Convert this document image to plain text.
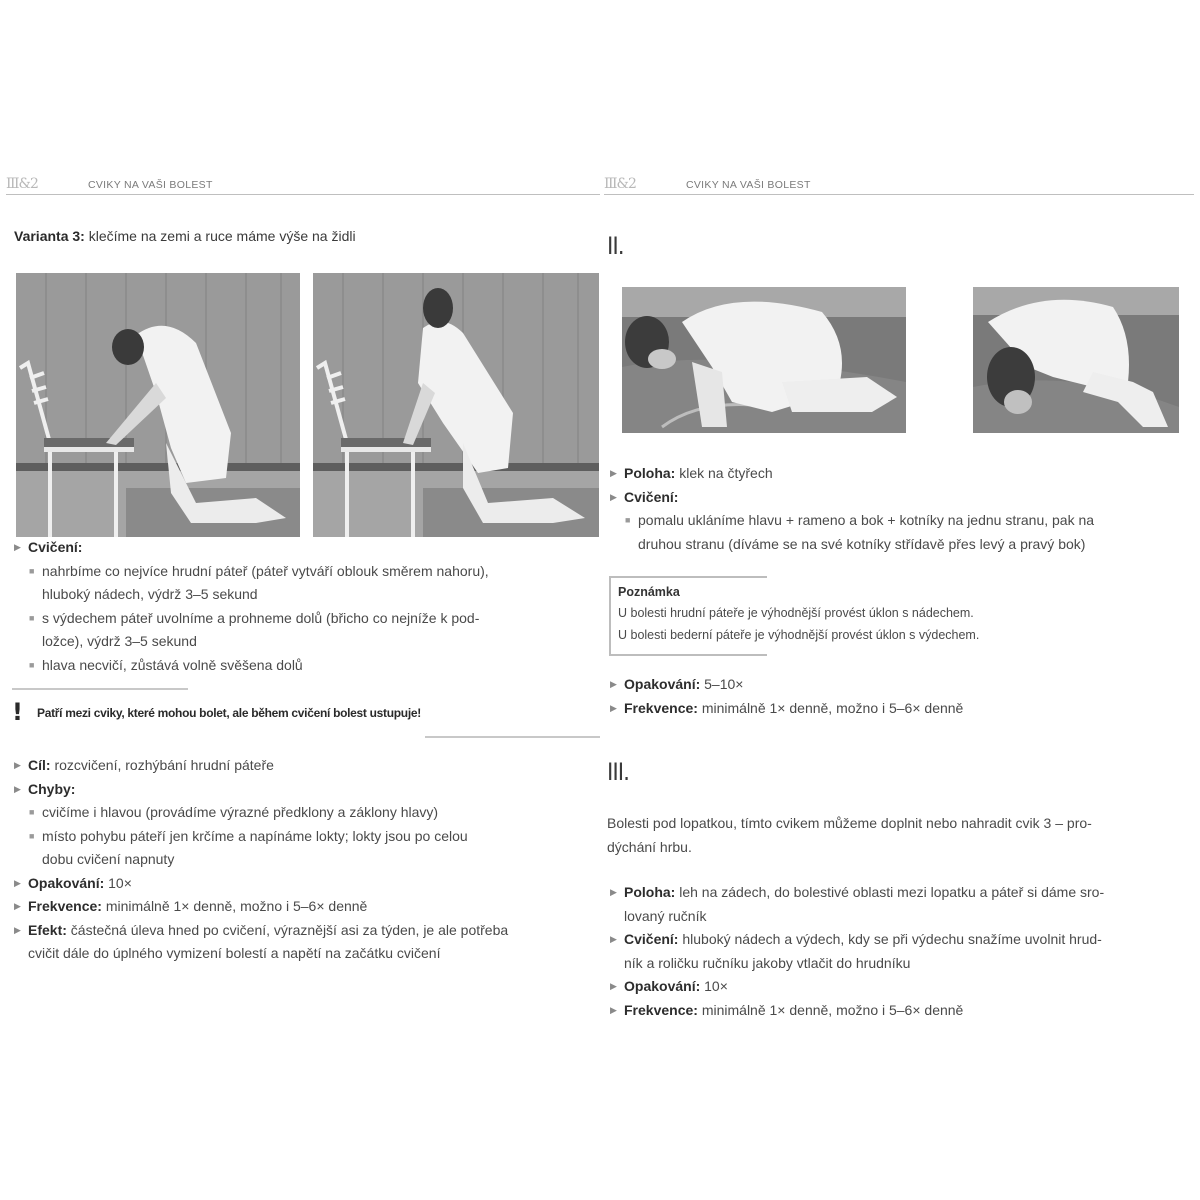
Ⅲ&2	CVIKY NA VAŠI BOLEST
Varianta 3: klečíme na zemi a ruce máme výše na židli
▶ Cvičení:
■ nahrbíme co nejvíce hrudní páteř (páteř vytváří oblouk směrem nahoru),
hluboký nádech, výdrž 3–5 sekund
■ s výdechem páteř uvolníme a prohneme dolů (břicho co nejníže k pod-
ložce), výdrž 3–5 sekund
■ hlava necvičí, zůstává volně svěšena dolů
! Patří mezi cviky, které mohou bolet, ale během cvičení bolest ustupuje!
▶ Cíl: rozcvičení, rozhýbání hrudní páteře
▶ Chyby:
■ cvičíme i hlavou (provádíme výrazné předklony a záklony hlavy)
■ místo pohybu páteří jen krčíme a napínáme lokty; lokty jsou po celou
dobu cvičení napnuty
▶ Opakování: 10×
▶ Frekvence: minimálně 1× denně, možno i 5–6× denně
▶ Efekt: částečná úleva hned po cvičení, výraznější asi za týden, je ale potřeba
cvičit dále do úplného vymizení bolestí a napětí na začátku cvičení
Ⅲ&2	CVIKY NA VAŠI BOLEST
II.
▶ Poloha: klek na čtyřech
▶ Cvičení:
■ pomalu ukláníme hlavu + rameno a bok + kotníky na jednu stranu, pak na
druhou stranu (díváme se na své kotníky střídavě přes levý a pravý bok)
Poznámka
U bolesti hrudní páteře je výhodnější provést úklon s nádechem.
U bolesti bederní páteře je výhodnější provést úklon s výdechem.
▶ Opakování: 5–10×
▶ Frekvence: minimálně 1× denně, možno i 5–6× denně
III.
Bolesti pod lopatkou, tímto cvikem můžeme doplnit nebo nahradit cvik 3 – pro-
dýchání hrbu.
▶ Poloha: leh na zádech, do bolestivé oblasti mezi lopatku a páteř si dáme sro-
lovaný ručník
▶ Cvičení: hluboký nádech a výdech, kdy se při výdechu snažíme uvolnit hrud-
ník a roličku ručníku jakoby vtlačit do hrudníku
▶ Opakování: 10×
▶ Frekvence: minimálně 1× denně, možno i 5–6× denně
